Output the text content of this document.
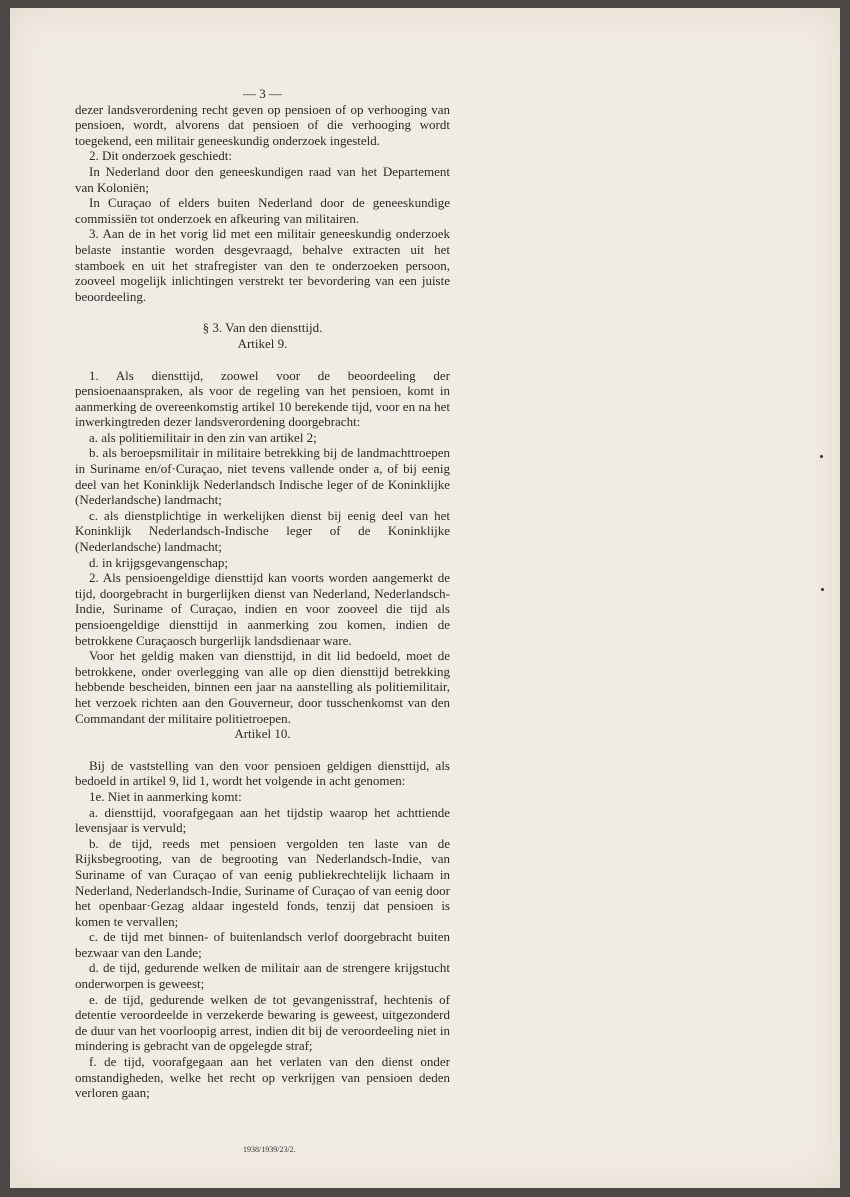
— 3 —

dezer landsverordening recht geven op pensioen of op verhooging van pensioen, wordt, alvorens dat pensioen of die verhooging wordt toegekend, een militair geneeskundig onderzoek ingesteld.

2. Dit onderzoek geschiedt:

In Nederland door den geneeskundigen raad van het Departement van Koloniën;

In Curaçao of elders buiten Nederland door de geneeskundige commissiën tot onderzoek en afkeuring van militairen.

3. Aan de in het vorig lid met een militair geneeskundig onderzoek belaste instantie worden desgevraagd, behalve extracten uit het stamboek en uit het strafregister van den te onderzoeken persoon, zooveel mogelijk inlichtingen verstrekt ter bevordering van een juiste beoordeeling.

§ 3. Van den diensttijd.

Artikel 9.

1. Als diensttijd, zoowel voor de beoordeeling der pensioenaanspraken, als voor de regeling van het pensioen, komt in aanmerking de overeenkomstig artikel 10 berekende tijd, voor en na het inwerkingtreden dezer landsverordening doorgebracht:

a. als politiemilitair in den zin van artikel 2;

b. als beroepsmilitair in militaire betrekking bij de landmachttroepen in Suriname en/of·Curaçao, niet tevens vallende onder a, of bij eenig deel van het Koninklijk Nederlandsch Indische leger of de Koninklijke (Nederlandsche) landmacht;

c. als dienstplichtige in werkelijken dienst bij eenig deel van het Koninklijk Nederlandsch-Indische leger of de Koninklijke (Nederlandsche) landmacht;

d. in krijgsgevangenschap;

2. Als pensioengeldige diensttijd kan voorts worden aangemerkt de tijd, doorgebracht in burgerlijken dienst van Nederland, Nederlandsch-Indie, Suriname of Curaçao, indien en voor zooveel die tijd als pensioengeldige diensttijd in aanmerking zou komen, indien de betrokkene Curaçaosch burgerlijk landsdienaar ware.

Voor het geldig maken van diensttijd, in dit lid bedoeld, moet de betrokkene, onder overlegging van alle op dien diensttijd betrekking hebbende bescheiden, binnen een jaar na aanstelling als politiemilitair, het verzoek richten aan den Gouverneur, door tusschenkomst van den Commandant der militaire politietroepen.

Artikel 10.

Bij de vaststelling van den voor pensioen geldigen diensttijd, als bedoeld in artikel 9, lid 1, wordt het volgende in acht genomen:

1e. Niet in aanmerking komt:

a. diensttijd, voorafgegaan aan het tijdstip waarop het achttiende levensjaar is vervuld;

b. de tijd, reeds met pensioen vergolden ten laste van de Rijksbegrooting, van de begrooting van Nederlandsch-Indie, van Suriname of van Curaçao of van eenig publiekrechtelijk lichaam in Nederland, Nederlandsch-Indie, Suriname of Curaçao of van eenig door het openbaar·Gezag aldaar ingesteld fonds, tenzij dat pensioen is komen te vervallen;

c. de tijd met binnen- of buitenlandsch verlof doorgebracht buiten bezwaar van den Lande;

d. de tijd, gedurende welken de militair aan de strengere krijgstucht onderworpen is geweest;

e. de tijd, gedurende welken de tot gevangenisstraf, hechtenis of detentie veroordeelde in verzekerde bewaring is geweest, uitgezonderd de duur van het voorloopig arrest, indien dit bij de veroordeeling niet in mindering is gebracht van de opgelegde straf;

f. de tijd, voorafgegaan aan het verlaten van den dienst onder omstandigheden, welke het recht op verkrijgen van pensioen deden verloren gaan;

1938/1939/23/2.
